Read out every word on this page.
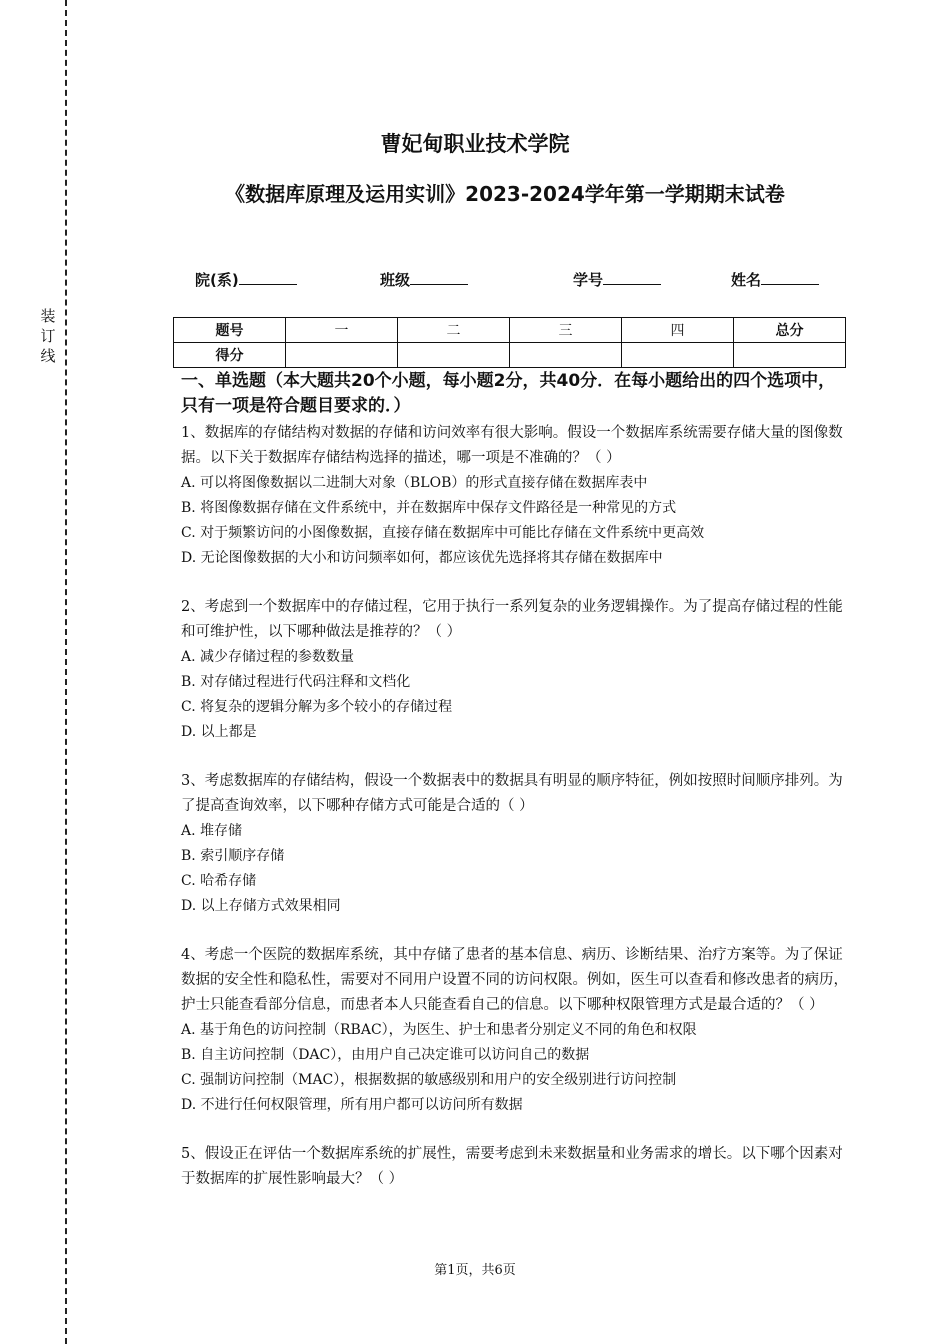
装
订
线
曹妃甸职业技术学院
《数据库原理及运用实训》2023-2024学年第一学期期末试卷
院(系)	班级	学号	姓名
题号	一	二	三	四	总分
得分					
一、单选题（本大题共20个小题，每小题2分，共40分．在每小题给出的四个选项中，只有一项是符合题目要求的．）
1、数据库的存储结构对数据的存储和访问效率有很大影响。假设一个数据库系统需要存储大量的图像数据。以下关于数据库存储结构选择的描述，哪一项是不准确的？（ ）
A. 可以将图像数据以二进制大对象（BLOB）的形式直接存储在数据库表中
B. 将图像数据存储在文件系统中，并在数据库中保存文件路径是一种常见的方式
C. 对于频繁访问的小图像数据，直接存储在数据库中可能比存储在文件系统中更高效
D. 无论图像数据的大小和访问频率如何，都应该优先选择将其存储在数据库中
2、考虑到一个数据库中的存储过程，它用于执行一系列复杂的业务逻辑操作。为了提高存储过程的性能和可维护性，以下哪种做法是推荐的？（ ）
A. 减少存储过程的参数数量
B. 对存储过程进行代码注释和文档化
C. 将复杂的逻辑分解为多个较小的存储过程
D. 以上都是
3、考虑数据库的存储结构，假设一个数据表中的数据具有明显的顺序特征，例如按照时间顺序排列。为了提高查询效率，以下哪种存储方式可能是合适的（ ）
A. 堆存储
B. 索引顺序存储
C. 哈希存储
D. 以上存储方式效果相同
4、考虑一个医院的数据库系统，其中存储了患者的基本信息、病历、诊断结果、治疗方案等。为了保证数据的安全性和隐私性，需要对不同用户设置不同的访问权限。例如，医生可以查看和修改患者的病历，护士只能查看部分信息，而患者本人只能查看自己的信息。以下哪种权限管理方式是最合适的？（ ）
A. 基于角色的访问控制（RBAC），为医生、护士和患者分别定义不同的角色和权限
B. 自主访问控制（DAC），由用户自己决定谁可以访问自己的数据
C. 强制访问控制（MAC），根据数据的敏感级别和用户的安全级别进行访问控制
D. 不进行任何权限管理，所有用户都可以访问所有数据
5、假设正在评估一个数据库系统的扩展性，需要考虑到未来数据量和业务需求的增长。以下哪个因素对于数据库的扩展性影响最大？（ ）
第1页，共6页
